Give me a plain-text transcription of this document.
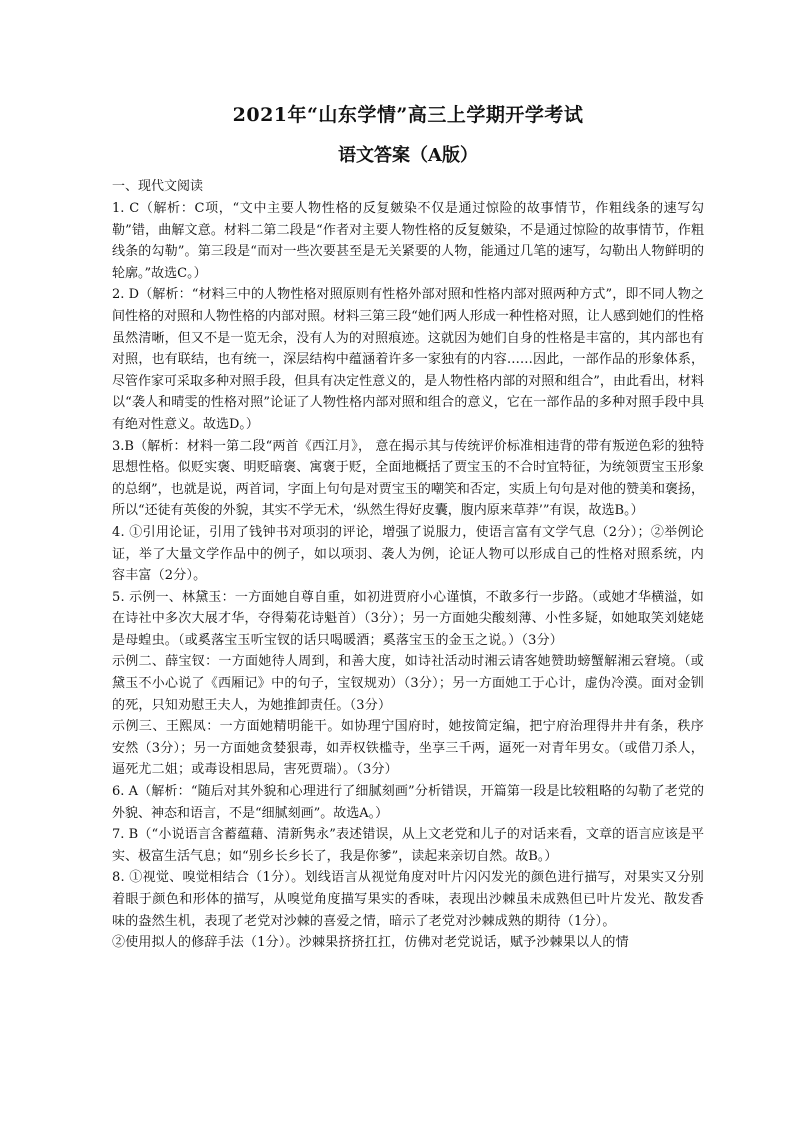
2021年“山东学情”高三上学期开学考试
语文答案（A版）
一、现代文阅读

1. C（解析：C项，“文中主要人物性格的反复皴染不仅是通过惊险的故事情节，作粗线条的速写勾勒”错，曲解文意。材料二第二段是“作者对主要人物性格的反复皴染，不是通过惊险的故事情节，作粗线条的勾勒”。第三段是“而对一些次要甚至是无关紧要的人物，能通过几笔的速写，勾勒出人物鲜明的轮廓。”故选C。）

2. D（解析：“材料三中的人物性格对照原则有性格外部对照和性格内部对照两种方式”，即不同人物之间性格的对照和人物性格的内部对照。材料三第三段“她们两人形成一种性格对照，让人感到她们的性格虽然清晰，但又不是一览无余，没有人为的对照痕迹。这就因为她们自身的性格是丰富的，其内部也有对照，也有联结，也有统一，深层结构中蕴涵着许多一家独有的内容……因此，一部作品的形象体系，尽管作家可采取多种对照手段，但具有决定性意义的，是人物性格内部的对照和组合”，由此看出，材料以“袭人和晴雯的性格对照”论证了人物性格内部对照和组合的意义，它在一部作品的多种对照手段中具有绝对性意义。故选D。）

3.B（解析：材料一第二段“两首《西江月》， 意在揭示其与传统评价标准相违背的带有叛逆色彩的独特思想性格。似贬实褒、明贬暗褒、寓褒于贬，全面地概括了贾宝玉的不合时宜特征，为统领贾宝玉形象的总纲”，也就是说，两首词，字面上句句是对贾宝玉的嘲笑和否定，实质上句句是对他的赞美和褒扬，所以“还徒有英俊的外貌，其实不学无术，‘纵然生得好皮囊，腹内原来草莽’”有误，故选B。）

4. ①引用论证，引用了钱钟书对项羽的评论，增强了说服力，使语言富有文学气息（2分）；②举例论证，举了大量文学作品中的例子，如以项羽、袭人为例，论证人物可以形成自己的性格对照系统，内容丰富（2分）。

5. 示例一、林黛玉：一方面她自尊自重，如初进贾府小心谨慎，不敢多行一步路。（或她才华横溢，如在诗社中多次大展才华，夺得菊花诗魁首）（3分）；另一方面她尖酸刻薄、小性多疑，如她取笑刘姥姥是母蝗虫。（或奚落宝玉听宝钗的话只喝暖酒；奚落宝玉的金玉之说。）（3分）

示例二、薛宝钗：一方面她待人周到，和善大度，如诗社活动时湘云请客她赞助螃蟹解湘云窘境。（或黛玉不小心说了《西厢记》中的句子，宝钗规劝）（3分）；另一方面她工于心计，虚伪冷漠。面对金钏的死，只知劝慰王夫人，为她推卸责任。（3分）

示例三、王熙凤：一方面她精明能干。如协理宁国府时，她按简定编，把宁府治理得井井有条，秩序安然（3分）；另一方面她贪婪狠毒，如弄权铁槛寺，坐享三千两，逼死一对青年男女。（或借刀杀人，逼死尤二姐；或毒设相思局，害死贾瑞）。（3分）

6. A（解析：“随后对其外貌和心理进行了细腻刻画”分析错误，开篇第一段是比较粗略的勾勒了老党的外貌、神态和语言，不是“细腻刻画”。故选A。）

7. B（“小说语言含蓄蕴藉、清新隽永”表述错误，从上文老党和儿子的对话来看，文章的语言应该是平实、极富生活气息；如“别乡长乡长了，我是你爹”，读起来亲切自然。故B。）

8. ①视觉、嗅觉相结合（1分）。划线语言从视觉角度对叶片闪闪发光的颜色进行描写，对果实又分别着眼于颜色和形体的描写，从嗅觉角度描写果实的香味，表现出沙棘虽未成熟但已叶片发光、散发香味的盎然生机，表现了老党对沙棘的喜爱之情，暗示了老党对沙棘成熟的期待（1分）。

②使用拟人的修辞手法（1分）。沙棘果挤挤扛扛，仿佛对老党说话，赋予沙棘果以人的情
